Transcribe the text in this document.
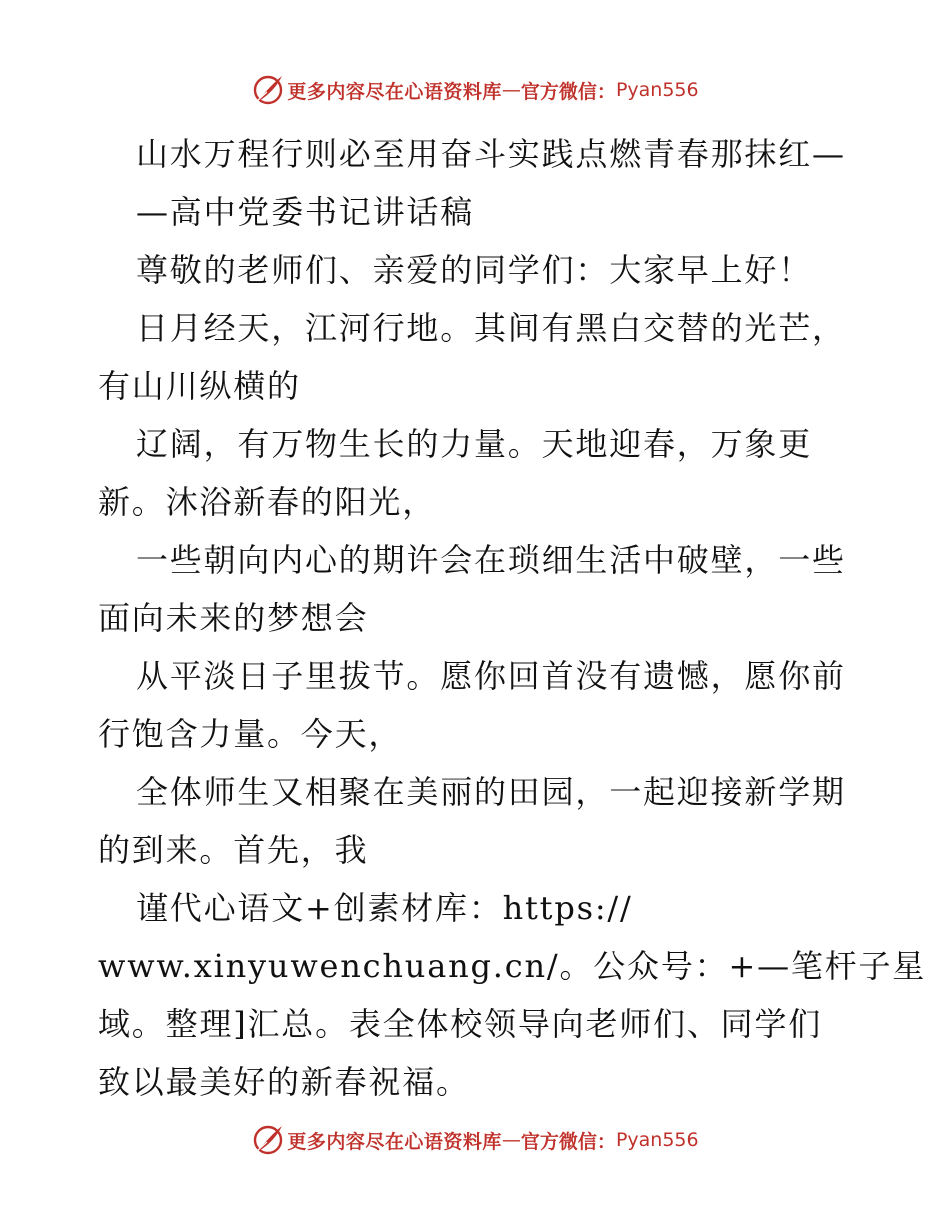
更多内容尽在心语资料库 — 官方微信： Pyan556

山水万程行则必至用奋斗实践点燃青春那抹红—

—高中党委书记讲话稿

尊敬的老师们、亲爱的同学们：大家早上好！

日月经天，江河行地。其间有黑白交替的光芒，

有山川纵横的

辽阔，有万物生长的力量。天地迎春，万象更

新。沐浴新春的阳光，

一些朝向内心的期许会在琐细生活中破壁，一些

面向未来的梦想会

从平淡日子里拔节。愿你回首没有遗憾，愿你前

行饱含力量。今天，

全体师生又相聚在美丽的田园，一起迎接新学期

的到来。首先，我

谨代心语文+创素材库：https://

www.xinyuwenchuang.cn/。公众号：+—笔杆子星

域。整理]汇总。表全体校领导向老师们、同学们

致以最美好的新春祝福。

更多内容尽在心语资料库 — 官方微信： Pyan556
